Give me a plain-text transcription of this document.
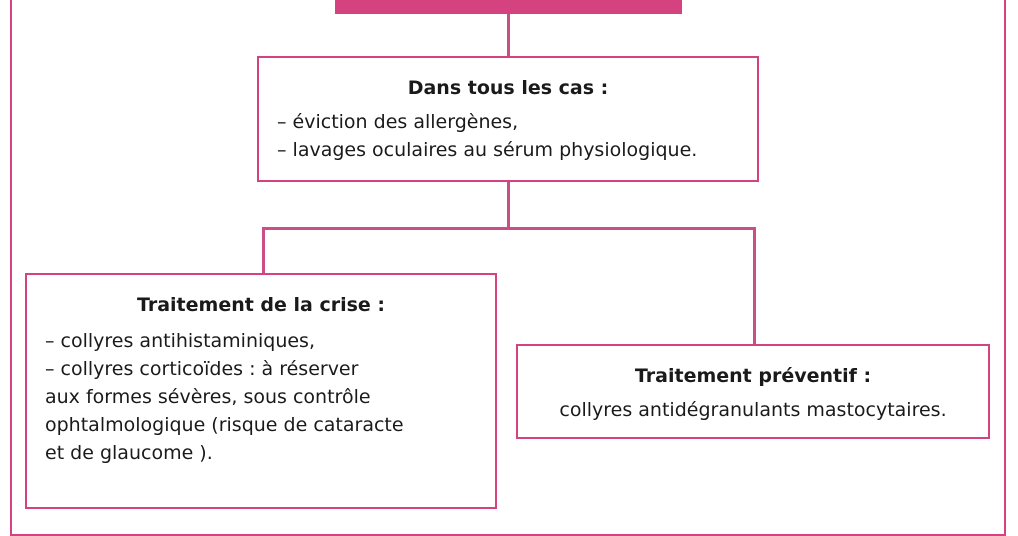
Dans tous les cas :
– éviction des allergènes,
– lavages oculaires au sérum physiologique.
Traitement de la crise :
– collyres antihistaminiques,
– collyres corticoïdes : à réserver
aux formes sévères, sous contrôle
ophtalmologique (risque de cataracte
et de glaucome ).
Traitement préventif :
collyres antidégranulants mastocytaires.
